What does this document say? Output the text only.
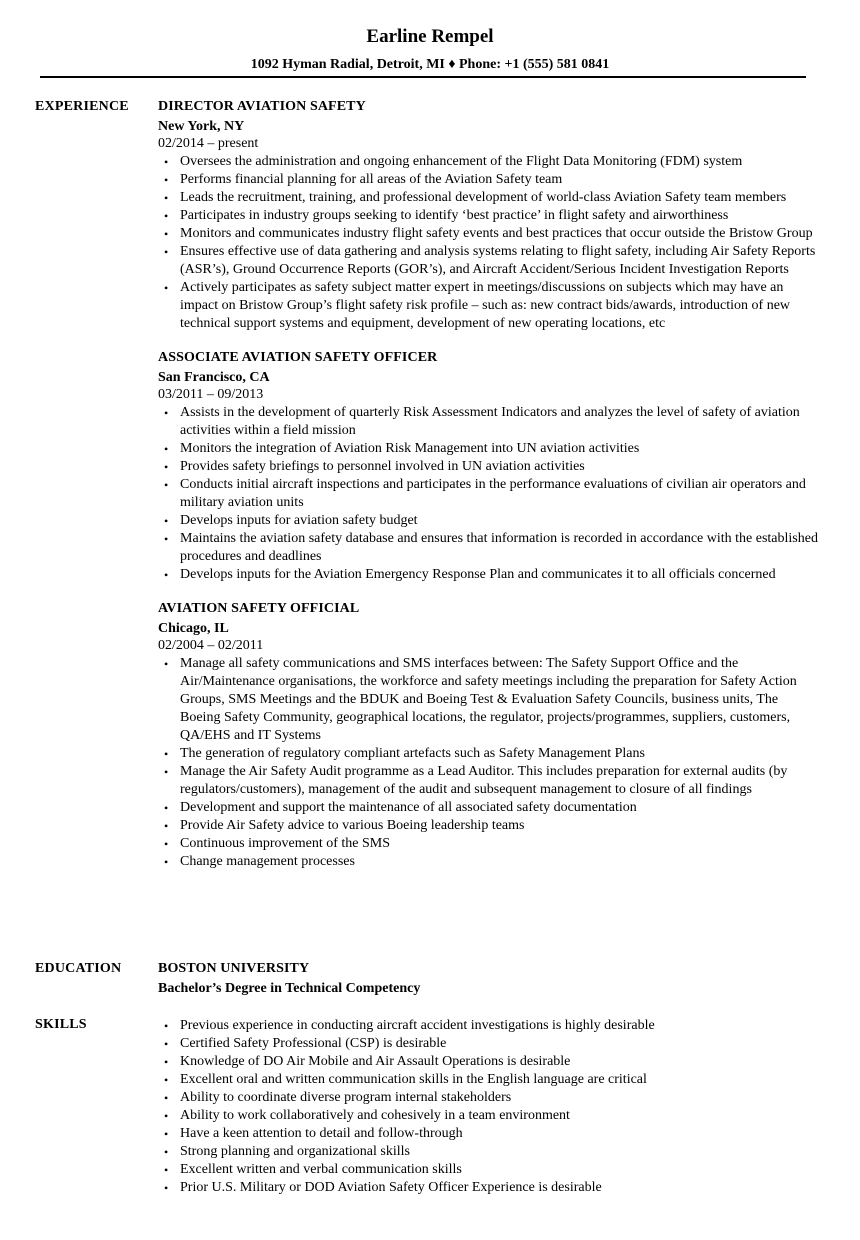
Earline Rempel
1092 Hyman Radial, Detroit, MI ♦ Phone: +1 (555) 581 0841
EXPERIENCE DIRECTOR AVIATION SAFETY
New York, NY
02/2014 – present
• Oversees the administration and ongoing enhancement of the Flight Data Monitoring (FDM) system
• Performs financial planning for all areas of the Aviation Safety team
• Leads the recruitment, training, and professional development of world-class Aviation Safety team members
• Participates in industry groups seeking to identify ‘best practice’ in flight safety and airworthiness
• Monitors and communicates industry flight safety events and best practices that occur outside the Bristow Group
• Ensures effective use of data gathering and analysis systems relating to flight safety, including Air Safety Reports (ASR’s), Ground Occurrence Reports (GOR’s), and Aircraft Accident/Serious Incident Investigation Reports
• Actively participates as safety subject matter expert in meetings/discussions on subjects which may have an impact on Bristow Group’s flight safety risk profile – such as: new contract bids/awards, introduction of new technical support systems and equipment, development of new operating locations, etc
ASSOCIATE AVIATION SAFETY OFFICER
San Francisco, CA
03/2011 – 09/2013
• Assists in the development of quarterly Risk Assessment Indicators and analyzes the level of safety of aviation activities within a field mission
• Monitors the integration of Aviation Risk Management into UN aviation activities
• Provides safety briefings to personnel involved in UN aviation activities
• Conducts initial aircraft inspections and participates in the performance evaluations of civilian air operators and military aviation units
• Develops inputs for aviation safety budget
• Maintains the aviation safety database and ensures that information is recorded in accordance with the established procedures and deadlines
• Develops inputs for the Aviation Emergency Response Plan and communicates it to all officials concerned
AVIATION SAFETY OFFICIAL
Chicago, IL
02/2004 – 02/2011
• Manage all safety communications and SMS interfaces between: The Safety Support Office and the Air/Maintenance organisations, the workforce and safety meetings including the preparation for Safety Action Groups, SMS Meetings and the BDUK and Boeing Test & Evaluation Safety Councils, business units, The Boeing Safety Community, geographical locations, the regulator, projects/programmes, suppliers, customers, QA/EHS and IT Systems
• The generation of regulatory compliant artefacts such as Safety Management Plans
• Manage the Air Safety Audit programme as a Lead Auditor. This includes preparation for external audits (by regulators/customers), management of the audit and subsequent management to closure of all findings
• Development and support the maintenance of all associated safety documentation
• Provide Air Safety advice to various Boeing leadership teams
• Continuous improvement of the SMS
• Change management processes
EDUCATION	BOSTON UNIVERSITY
Bachelor’s Degree in Technical Competency
SKILLS	• Previous experience in conducting aircraft accident investigations is highly desirable
• Certified Safety Professional (CSP) is desirable
• Knowledge of DO Air Mobile and Air Assault Operations is desirable
• Excellent oral and written communication skills in the English language are critical
• Ability to coordinate diverse program internal stakeholders
• Ability to work collaboratively and cohesively in a team environment
• Have a keen attention to detail and follow-through
• Strong planning and organizational skills
• Excellent written and verbal communication skills
• Prior U.S. Military or DOD Aviation Safety Officer Experience is desirable
